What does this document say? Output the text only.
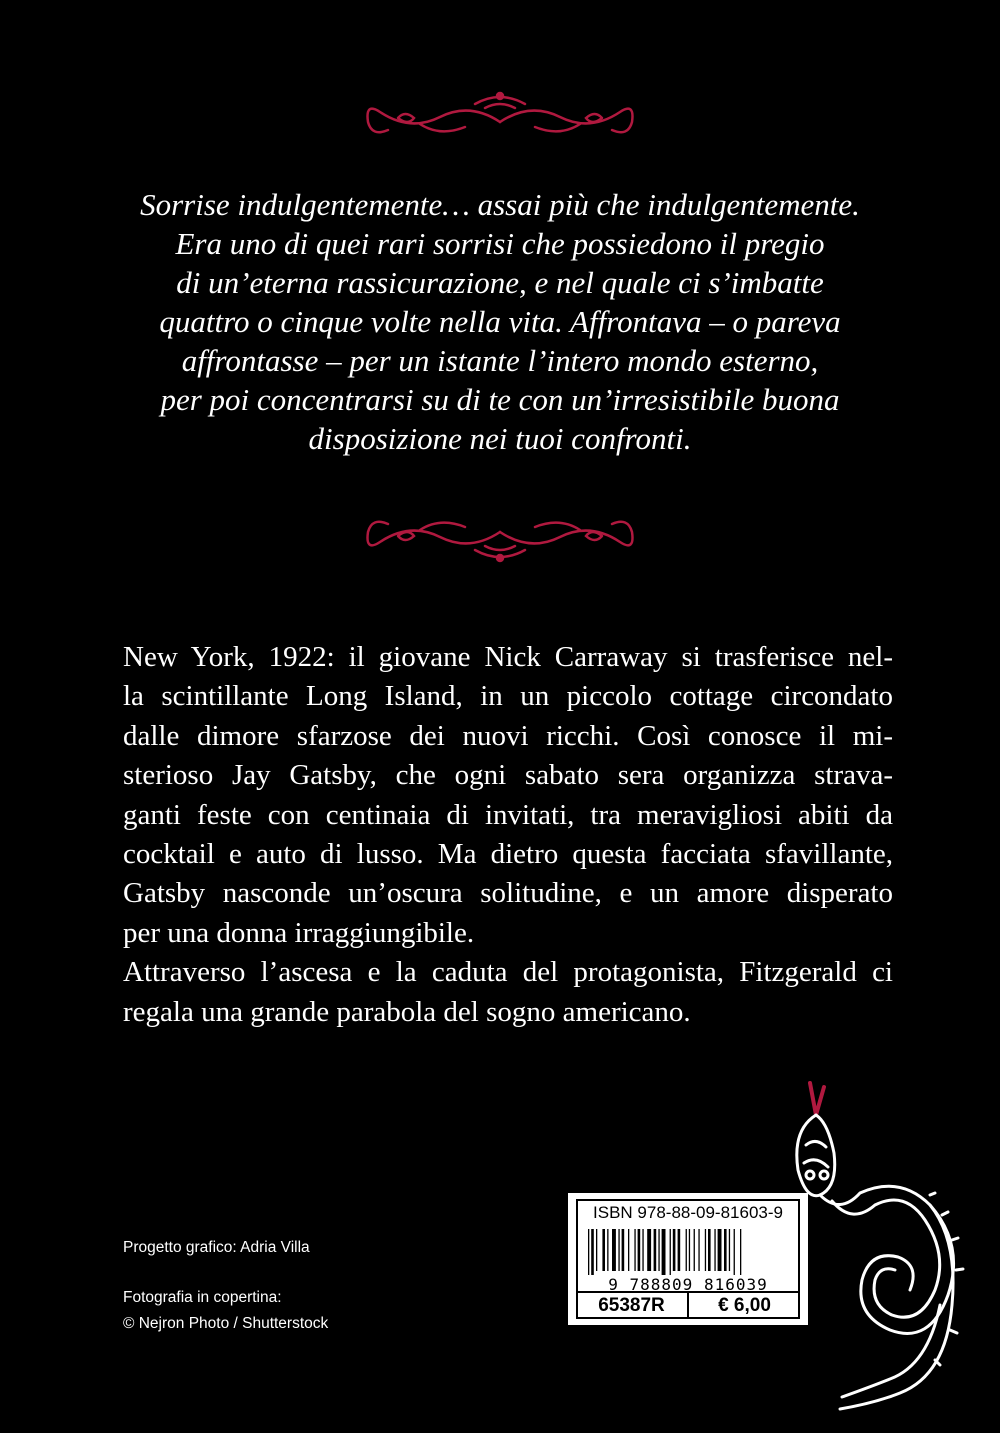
Sorrise indulgentemente… assai più che indulgentemente.
Era uno di quei rari sorrisi che possiedono il pregio
di un’eterna rassicurazione, e nel quale ci s’imbatte
quattro o cinque volte nella vita. Affrontava – o pareva
affrontasse – per un istante l’intero mondo esterno,
per poi concentrarsi su di te con un’irresistibile buona
disposizione nei tuoi confronti.
New York, 1922: il giovane Nick Carraway si trasferisce nel-
la scintillante Long Island, in un piccolo cottage circondato
dalle dimore sfarzose dei nuovi ricchi. Così conosce il mi-
sterioso Jay Gatsby, che ogni sabato sera organizza strava-
ganti feste con centinaia di invitati, tra meravigliosi abiti da
cocktail e auto di lusso. Ma dietro questa facciata sfavillante,
Gatsby nasconde un’oscura solitudine, e un amore disperato
per una donna irraggiungibile.
Attraverso l’ascesa e la caduta del protagonista, Fitzgerald ci
regala una grande parabola del sogno americano.
Progetto grafico: Adria Villa
Fotografia in copertina:
© Nejron Photo / Shutterstock
ISBN 978-88-09-81603-9
9 788809 816039
65387R	€ 6,00
